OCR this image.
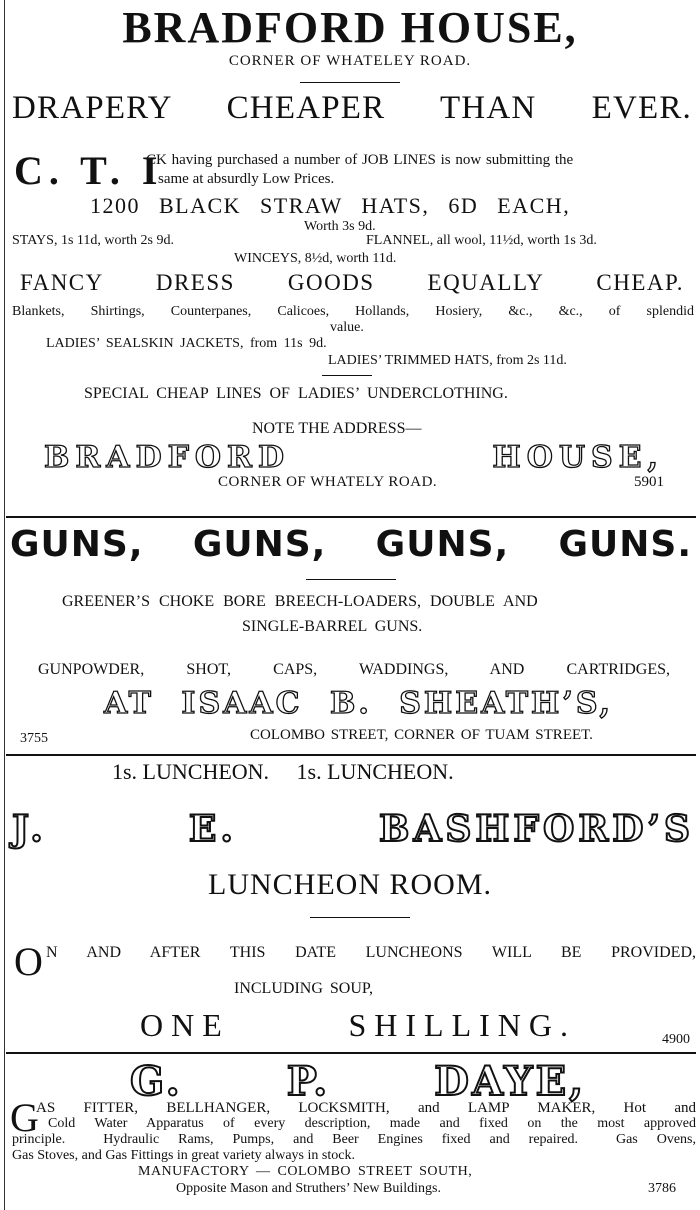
BRADFORD HOUSE,
CORNER OF WHATELEY ROAD.
DRAPERY CHEAPER THAN EVER.
C. T. I
CK having purchased a number of JOB LINES is now submitting the
same at absurdly Low Prices.
1200 BLACK STRAW HATS, 6D EACH,
Worth 3s 9d.
STAYS, 1s 11d, worth 2s 9d.	FLANNEL, all wool, 11½d, worth 1s 3d.
WINCEYS, 8½d, worth 11d.
FANCY DRESS GOODS EQUALLY CHEAP.
Blankets, Shirtings, Counterpanes, Calicoes, Hollands, Hosiery, &c., &c., of splendid
value.
LADIES’ SEALSKIN JACKETS, from 11s 9d.
LADIES’ TRIMMED HATS, from 2s 11d.
SPECIAL CHEAP LINES OF LADIES’ UNDERCLOTHING.
NOTE THE ADDRESS—
BRADFORD HOUSE,
CORNER OF WHATELY ROAD.	5901
GUNS, GUNS, GUNS, GUNS.
GREENER’S CHOKE BORE BREECH-LOADERS, DOUBLE AND
SINGLE-BARREL GUNS.
GUNPOWDER, SHOT, CAPS, WADDINGS, AND CARTRIDGES,
AT ISAAC B. SHEATH’S,
3755	COLOMBO STREET, CORNER OF TUAM STREET.
1s. LUNCHEON.     1s. LUNCHEON.
J. E. BASHFORD’S
LUNCHEON ROOM.
O N AND AFTER THIS DATE LUNCHEONS WILL BE PROVIDED,
INCLUDING SOUP,
ONE SHILLING.	4900
G. P. DAYE,
G
AS FITTER, BELLHANGER, LOCKSMITH, and LAMP MAKER, Hot and
Cold Water Apparatus of every description, made and fixed on the most approved
principle.  Hydraulic Rams, Pumps, and Beer Engines fixed and repaired.  Gas Ovens,
Gas Stoves, and Gas Fittings in great variety always in stock.
MANUFACTORY — COLOMBO STREET SOUTH,
Opposite Mason and Struthers’ New Buildings.	3786
